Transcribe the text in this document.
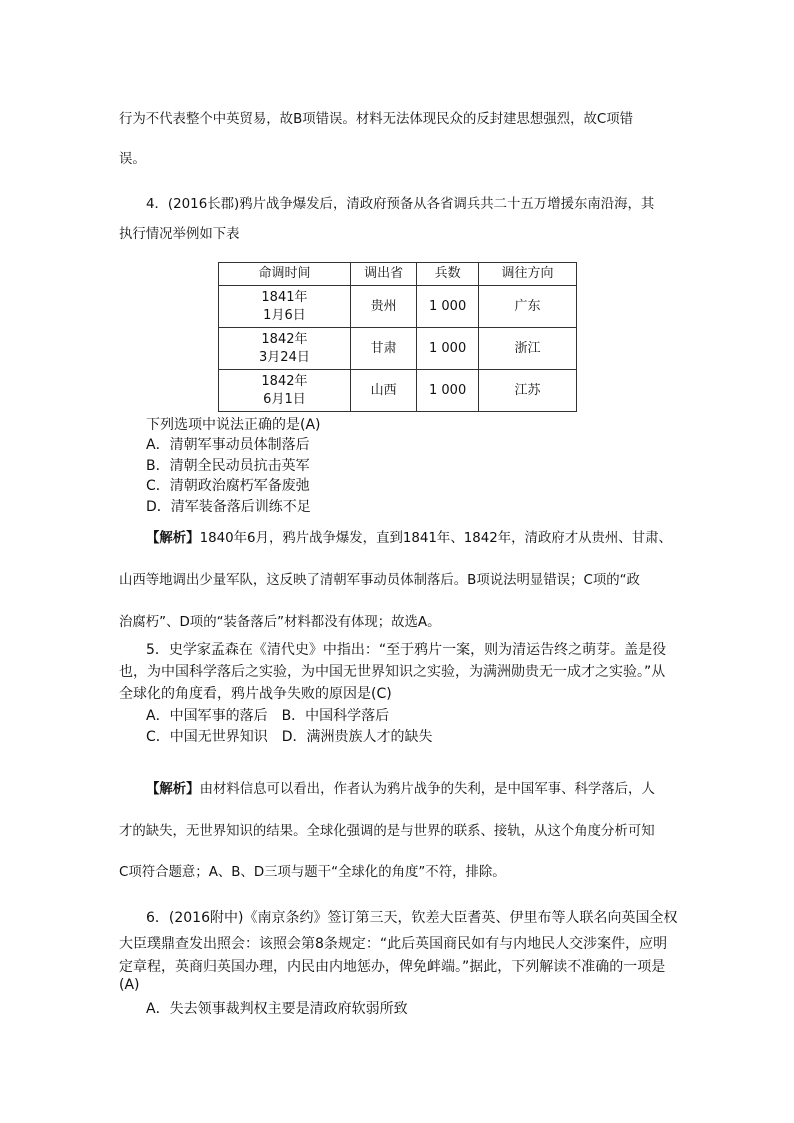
行为不代表整个中英贸易，故B项错误。材料无法体现民众的反封建思想强烈，故C项错
误。
4．(2016长郡)鸦片战争爆发后，清政府预备从各省调兵共二十五万增援东南沿海，其
执行情况举例如下表
命调时间	调出省	兵数	调往方向
1841年
1月6日	贵州	1 000	广东
1842年
3月24日	甘肃	1 000	浙江
1842年
6月1日	山西	1 000	江苏
下列选项中说法正确的是(A)
A．清朝军事动员体制落后
B．清朝全民动员抗击英军
C．清朝政治腐朽军备废弛
D．清军装备落后训练不足
【解析】1840年6月，鸦片战争爆发，直到1841年、1842年，清政府才从贵州、甘肃、
山西等地调出少量军队，这反映了清朝军事动员体制落后。B项说法明显错误；C项的“政
治腐朽”、D项的“装备落后”材料都没有体现；故选A。
5．史学家孟森在《清代史》中指出：“至于鸦片一案，则为清运告终之萌芽。盖是役
也，为中国科学落后之实验，为中国无世界知识之实验，为满洲勋贵无一成才之实验。”从
全球化的角度看，鸦片战争失败的原因是(C)
A．中国军事的落后　B．中国科学落后
C．中国无世界知识　D．满洲贵族人才的缺失
【解析】由材料信息可以看出，作者认为鸦片战争的失利，是中国军事、科学落后，人
才的缺失，无世界知识的结果。全球化强调的是与世界的联系、接轨，从这个角度分析可知
C项符合题意；A、B、D三项与题干“全球化的角度”不符，排除。
6．(2016附中)《南京条约》签订第三天，钦差大臣耆英、伊里布等人联名向英国全权
大臣璞鼎查发出照会：该照会第8条规定：“此后英国商民如有与内地民人交涉案件，应明
定章程，英商归英国办理，内民由内地惩办，俾免衅端。”据此，下列解读不准确的一项是
(A)
A．失去领事裁判权主要是清政府软弱所致
